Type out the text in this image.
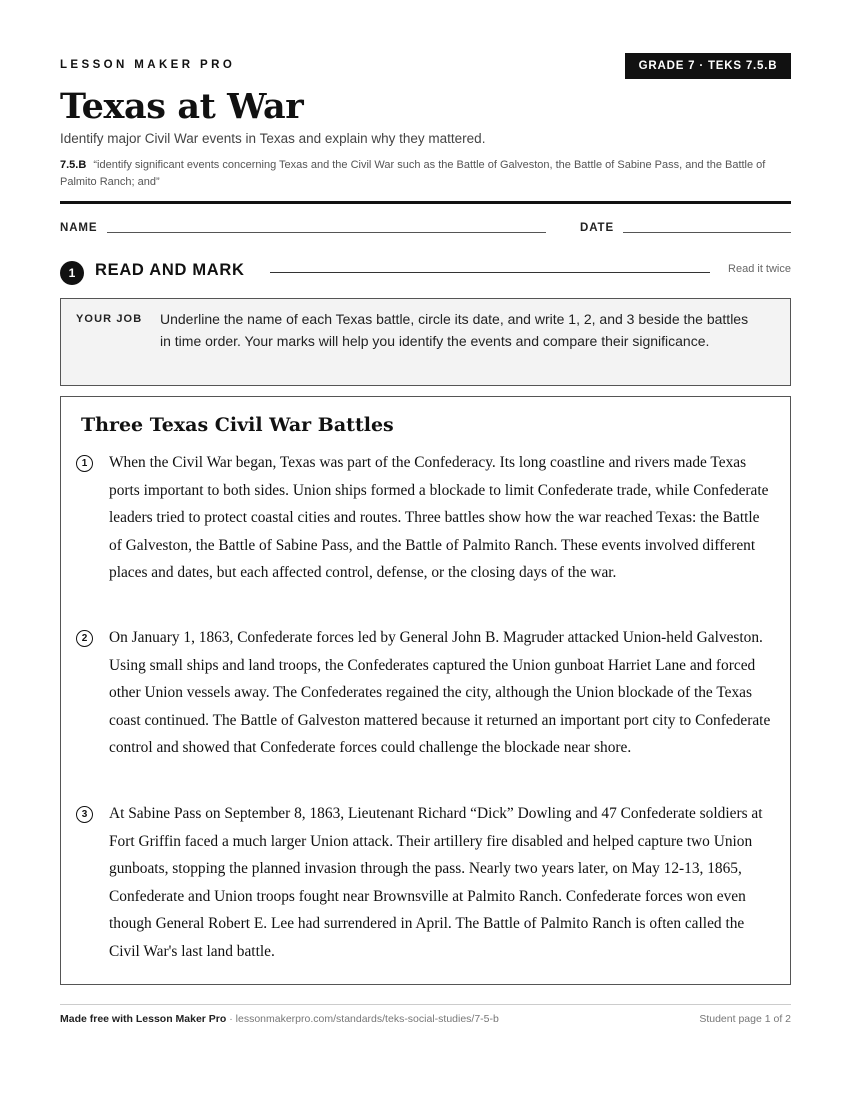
LESSON MAKER PRO	GRADE 7 · TEKS 7.5.B
Texas at War
Identify major Civil War events in Texas and explain why they mattered.
7.5.B “identify significant events concerning Texas and the Civil War such as the Battle of Galveston, the Battle of Sabine Pass, and the Battle of Palmito Ranch; and”
NAME	DATE
1	READ AND MARK	Read it twice
YOUR JOB Underline the name of each Texas battle, circle its date, and write 1, 2, and 3 beside the battles in time order. Your marks will help you identify the events and compare their significance.
Three Texas Civil War Battles
1	When the Civil War began, Texas was part of the Confederacy. Its long coastline and rivers made Texas ports important to both sides. Union ships formed a blockade to limit Confederate trade, while Confederate leaders tried to protect coastal cities and routes. Three battles show how the war reached Texas: the Battle of Galveston, the Battle of Sabine Pass, and the Battle of Palmito Ranch. These events involved different places and dates, but each affected control, defense, or the closing days of the war.
2	On January 1, 1863, Confederate forces led by General John B. Magruder attacked Union-held Galveston. Using small ships and land troops, the Confederates captured the Union gunboat Harriet Lane and forced other Union vessels away. The Confederates regained the city, although the Union blockade of the Texas coast continued. The Battle of Galveston mattered because it returned an important port city to Confederate control and showed that Confederate forces could challenge the blockade near shore.
3	At Sabine Pass on September 8, 1863, Lieutenant Richard “Dick” Dowling and 47 Confederate soldiers at Fort Griffin faced a much larger Union attack. Their artillery fire disabled and helped capture two Union gunboats, stopping the planned invasion through the pass. Nearly two years later, on May 12-13, 1865, Confederate and Union troops fought near Brownsville at Palmito Ranch. Confederate forces won even though General Robert E. Lee had surrendered in April. The Battle of Palmito Ranch is often called the Civil War's last land battle.
Made free with Lesson Maker Pro · lessonmakerpro.com/standards/teks-social-studies/7-5-b	Student page 1 of 2
